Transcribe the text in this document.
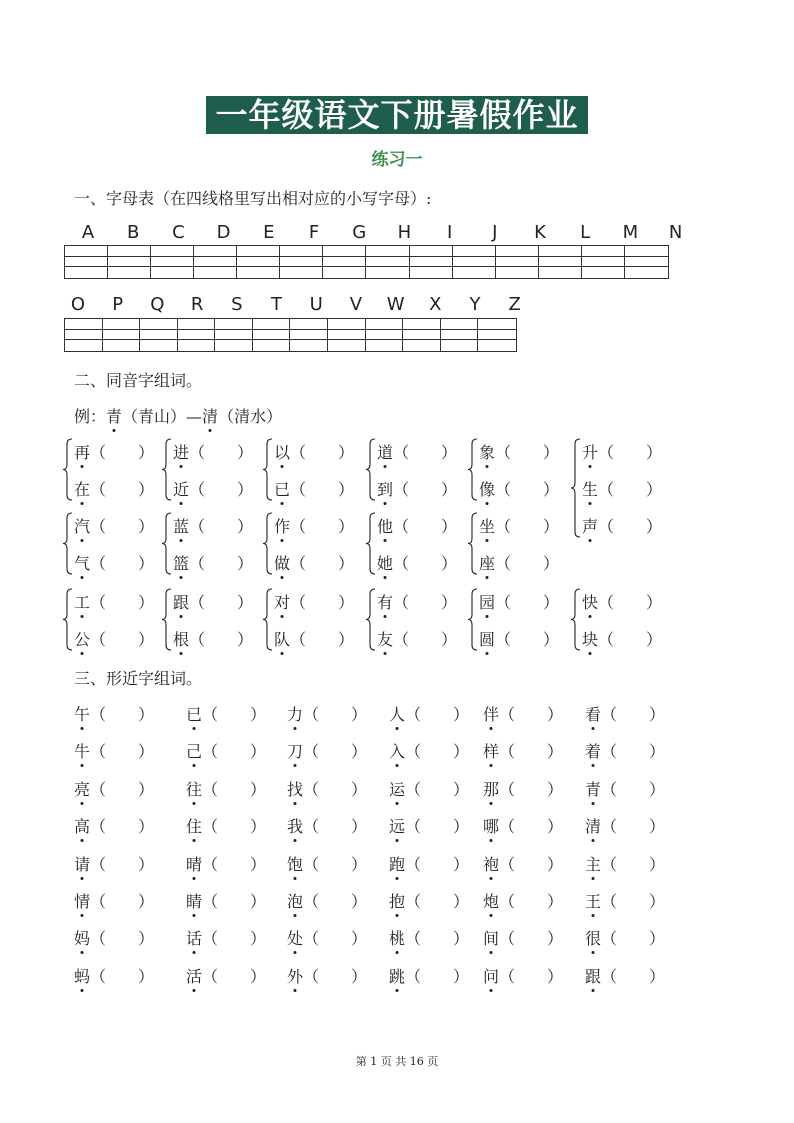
一年级语文下册暑假作业
练习一
一、字母表（在四线格里写出相对应的小写字母）:
A B C D E F G H I J K L M N
O P Q R S T U V W X Y Z
二、同音字组词。
例：青（青山）—清（清水）
再（　　）
在（　　）
进（　　）
近（　　）
以（　　）
已（　　）
道（　　）
到（　　）
象（　　）
像（　　）
升（　　）
生（　　）
声（　　）
汽（　　）
气（　　）
蓝（　　）
篮（　　）
作（　　）
做（　　）
他（　　）
她（　　）
坐（　　）
座（　　）
工（　　）
公（　　）
跟（　　）
根（　　）
对（　　）
队（　　）
有（　　）
友（　　）
园（　　）
圆（　　）
快（　　）
块（　　）
三、形近字组词。
午（　　） 已（　　） 力（　　） 人（　　） 伴（　　） 看（　　）
牛（　　） 己（　　） 刀（　　） 入（　　） 样（　　） 着（　　）
亮（　　） 往（　　） 找（　　） 运（　　） 那（　　） 青（　　）
高（　　） 住（　　） 我（　　） 远（　　） 哪（　　） 清（　　）
请（　　） 晴（　　） 饱（　　） 跑（　　） 袍（　　） 主（　　）
情（　　） 睛（　　） 泡（　　） 抱（　　） 炮（　　） 王（　　）
妈（　　） 话（　　） 处（　　） 桃（　　） 间（　　） 很（　　）
蚂（　　） 活（　　） 外（　　） 跳（　　） 问（　　） 跟（　　）
第 1 页 共 16 页
